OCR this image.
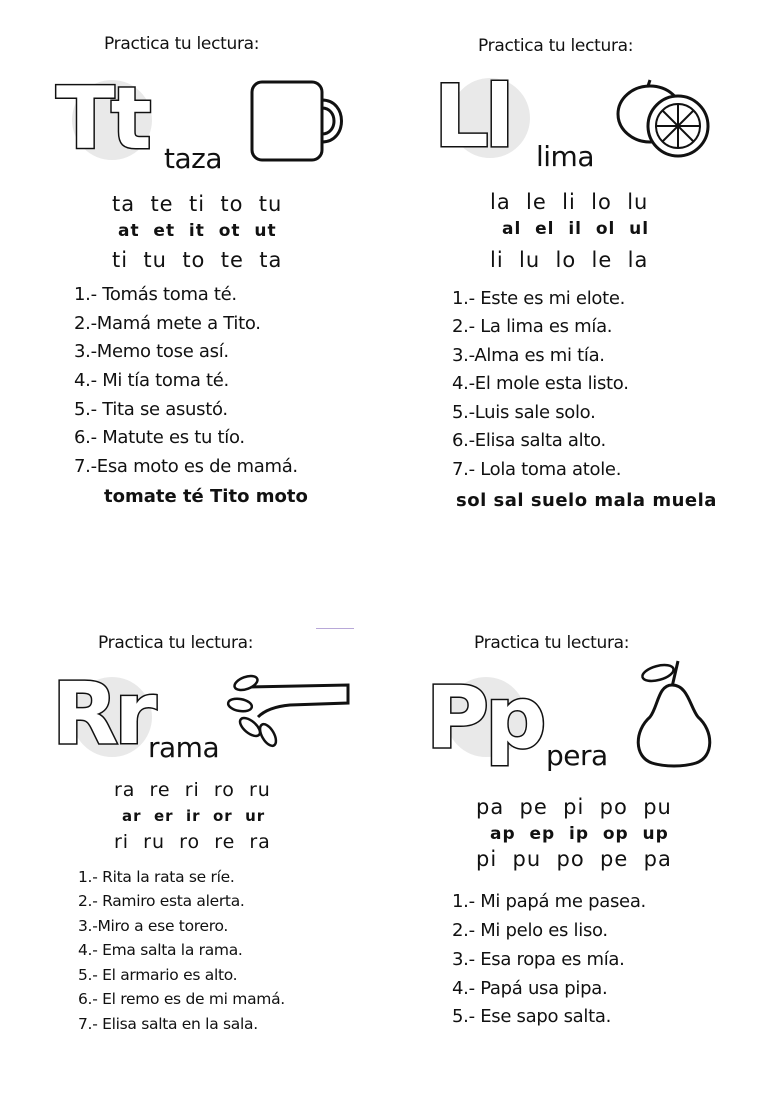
Practica tu lectura:
Tt taza
ta  te  ti  to  tu
at  et  it  ot  ut
ti  tu  to  te  ta
1.- Tomás toma té.
2.-Mamá mete a Tito.
3.-Memo tose así.
4.- Mi tía toma té.
5.- Tita se asustó.
6.- Matute es tu tío.
7.-Esa moto es de mamá.
tomate té Tito moto
Practica tu lectura:
Ll lima
la  le  li  lo  lu
al  el  il  ol  ul
li  lu  lo  le  la
1.- Este es mi elote.
2.- La lima es mía.
3.-Alma es mi tía.
4.-El mole esta listo.
5.-Luis sale solo.
6.-Elisa salta alto.
7.- Lola toma atole.
sol sal suelo mala muela
Practica tu lectura:
Rr
rama
ra  re  ri  ro  ru
ar  er  ir  or  ur
ri  ru  ro  re  ra
1.- Rita la rata se ríe.
2.- Ramiro esta alerta.
3.-Miro a ese torero.
4.- Ema salta la rama.
5.- El armario es alto.
6.- El remo es de mi mamá.
7.- Elisa salta en la sala.
Practica tu lectura:
Pp pera
pa  pe  pi  po  pu
ap  ep  ip  op  up
pi  pu  po  pe  pa
1.- Mi papá me pasea.
2.- Mi pelo es liso.
3.- Esa ropa es mía.
4.- Papá usa pipa.
5.- Ese sapo salta.
